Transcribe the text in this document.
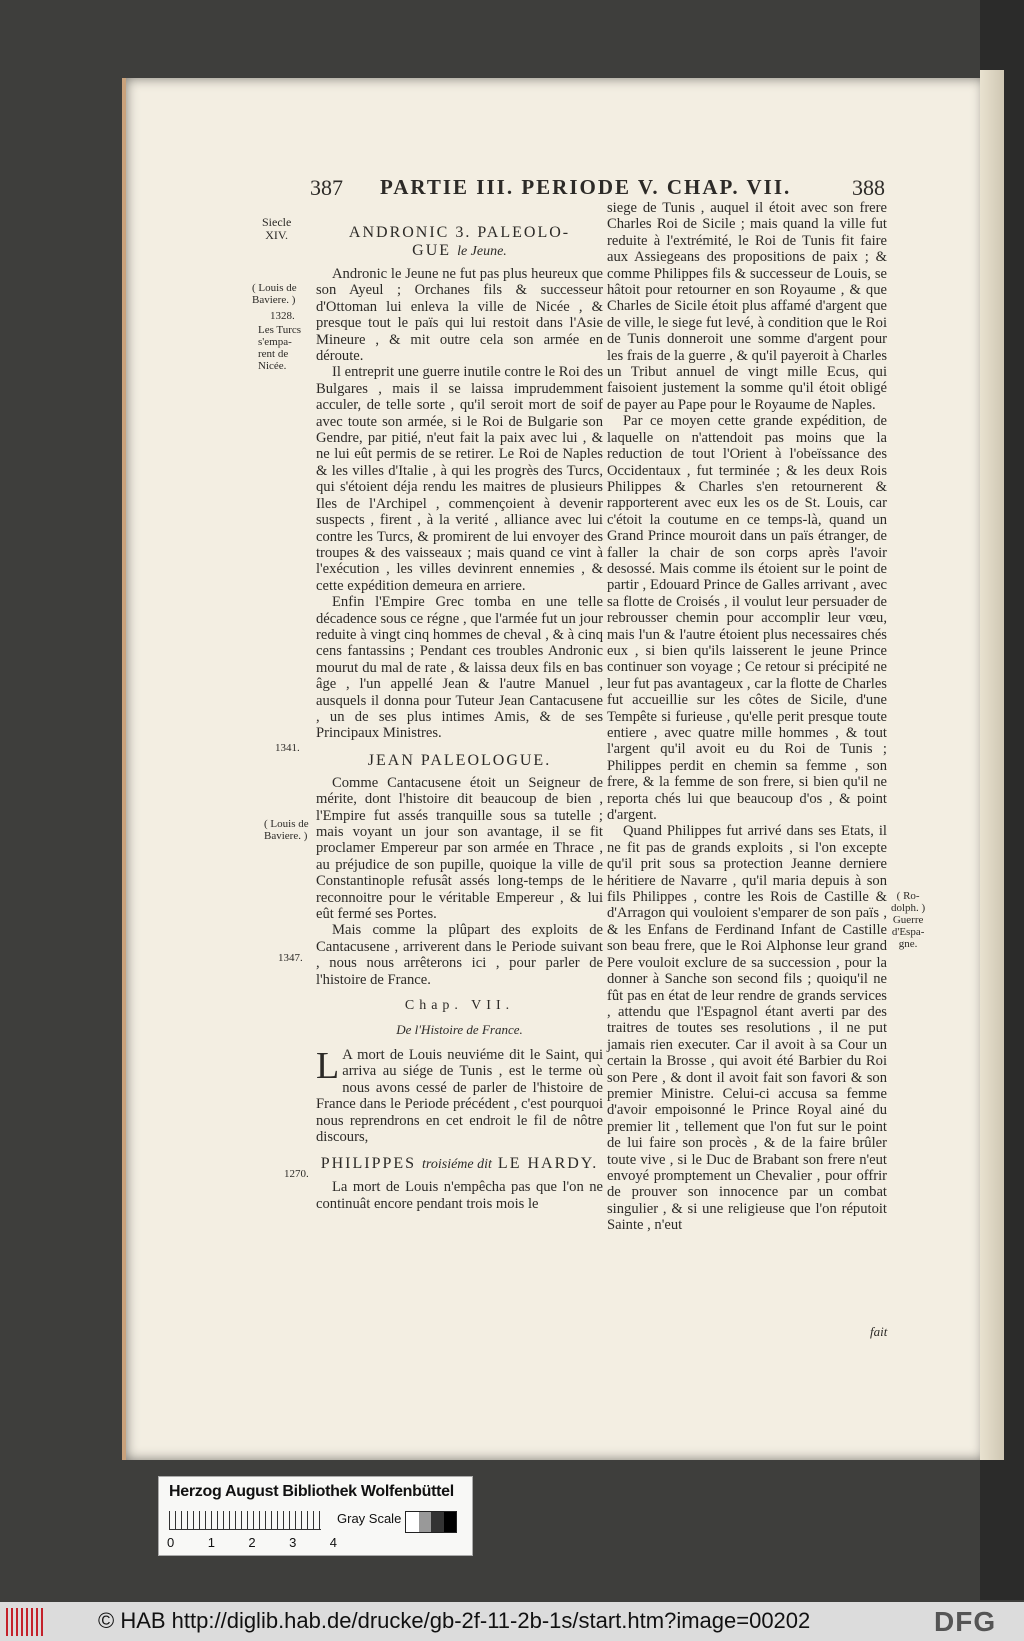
387 PARTIE III. PERIODE V. CHAP. VII.	388
Siecle
XIV.
( Louis de
Baviere. )
1328.
Les Turcs
s'empa-
rent de
Nicée.
1341.
( Louis de
Baviere. )
1347.
1270.
( Ro-
dolph. )
Guerre
d'Espa-
gne.
ANDRONIC 3. PALEOLO-
GUE le Jeune.

Andronic le Jeune ne fut pas plus heureux que son Ayeul ; Orchanes fils & successeur d'Ottoman lui enleva la ville de Nicée , & presque tout le païs qui lui restoit dans l'Asie Mineure , & mit outre cela son armée en déroute.

Il entreprit une guerre inutile contre le Roi des Bulgares , mais il se laissa imprudemment acculer, de telle sorte , qu'il seroit mort de soif avec toute son armée, si le Roi de Bulgarie son Gendre, par pitié, n'eut fait la paix avec lui , & ne lui eût permis de se retirer. Le Roi de Naples & les villes d'Italie , à qui les progrès des Turcs, qui s'étoient déja rendu les maitres de plusieurs Iles de l'Archipel , commençoient à devenir suspects , firent , à la verité , alliance avec lui contre les Turcs, & promirent de lui envoyer des troupes & des vaisseaux ; mais quand ce vint à l'exécution , les villes devinrent ennemies , & cette expédition demeura en arriere.

Enfin l'Empire Grec tomba en une telle décadence sous ce régne , que l'armée fut un jour reduite à vingt cinq hommes de cheval , & à cinq cens fantassins ; Pendant ces troubles Andronic mourut du mal de rate , & laissa deux fils en bas âge , l'un appellé Jean & l'autre Manuel , ausquels il donna pour Tuteur Jean Cantacusene , un de ses plus intimes Amis, & de ses Principaux Ministres.

JEAN PALEOLOGUE.

Comme Cantacusene étoit un Seigneur de mérite, dont l'histoire dit beaucoup de bien , l'Empire fut assés tranquille sous sa tutelle ; mais voyant un jour son avantage, il se fit proclamer Empereur par son armée en Thrace , au préjudice de son pupille, quoique la ville de Constantinople refusât assés long-temps de le reconnoitre pour le véritable Empereur , & lui eût fermé ses Portes.

Mais comme la plûpart des exploits de Cantacusene , arriverent dans le Periode suivant , nous nous arrêterons ici , pour parler de l'histoire de France.

Chap. VII.
De l'Histoire de France.

L A mort de Louis neuviéme dit le Saint, qui arriva au siége de Tunis , est le terme où nous avons cessé de parler de l'histoire de France dans le Periode précédent , c'est pourquoi nous reprendrons en cet endroit le fil de nôtre discours,

PHILIPPES troisiéme dit LE HARDY.

La mort de Louis n'empêcha pas que l'on ne continuât encore pendant trois mois le

siege de Tunis , auquel il étoit avec son frere Charles Roi de Sicile ; mais quand la ville fut reduite à l'extrémité, le Roi de Tunis fit faire aux Assiegeans des propositions de paix ; & comme Philippes fils & successeur de Louis, se hâtoit pour retourner en son Royaume , & que Charles de Sicile étoit plus affamé d'argent que de ville, le siege fut levé, à condition que le Roi de Tunis donneroit une somme d'argent pour les frais de la guerre , & qu'il payeroit à Charles un Tribut annuel de vingt mille Ecus, qui faisoient justement la somme qu'il étoit obligé de payer au Pape pour le Royaume de Naples.

Par ce moyen cette grande expédition, de laquelle on n'attendoit pas moins que la reduction de tout l'Orient à l'obeïssance des Occidentaux , fut terminée ; & les deux Rois Philippes & Charles s'en retournerent & rapporterent avec eux les os de St. Louis, car c'étoit la coutume en ce temps-là, quand un Grand Prince mouroit dans un païs étranger, de faller la chair de son corps après l'avoir desossé. Mais comme ils étoient sur le point de partir , Edouard Prince de Galles arrivant , avec sa flotte de Croisés , il voulut leur persuader de rebrousser chemin pour accomplir leur vœu, mais l'un & l'autre étoient plus necessaires chés eux , si bien qu'ils laisserent le jeune Prince continuer son voyage ; Ce retour si précipité ne leur fut pas avantageux , car la flotte de Charles fut accueillie sur les côtes de Sicile, d'une Tempête si furieuse , qu'elle perit presque toute entiere , avec quatre mille hommes , & tout l'argent qu'il avoit eu du Roi de Tunis ; Philippes perdit en chemin sa femme , son frere, & la femme de son frere, si bien qu'il ne reporta chés lui que beaucoup d'os , & point d'argent.

Quand Philippes fut arrivé dans ses Etats, il ne fit pas de grands exploits , si l'on excepte qu'il prit sous sa protection Jeanne derniere héritiere de Navarre , qu'il maria depuis à son fils Philippes , contre les Rois de Castille & d'Arragon qui vouloient s'emparer de son païs , & les Enfans de Ferdinand Infant de Castille son beau frere, que le Roi Alphonse leur grand Pere vouloit exclure de sa succession , pour la donner à Sanche son second fils ; quoiqu'il ne fût pas en état de leur rendre de grands services , attendu que l'Espagnol étant averti par des traitres de toutes ses resolutions , il ne put jamais rien executer. Car il avoit à sa Cour un certain la Brosse , qui avoit été Barbier du Roi son Pere , & dont il avoit fait son favori & son premier Ministre. Celui-ci accusa sa femme d'avoir empoisonné le Prince Royal ainé du premier lit , tellement que l'on fut sur le point de lui faire son procès , & de la faire brûler toute vive , si le Duc de Brabant son frere n'eut envoyé promptement un Chevalier , pour offrir de prouver son innocence par un combat singulier , & si une religieuse que l'on réputoit Sainte , n'eut

fait
Herzog August Bibliothek Wolfenbüttel
0	1	2	3	4
Gray Scale
© HAB http://diglib.hab.de/drucke/gb-2f-11-2b-1s/start.htm?image=00202	DFG
